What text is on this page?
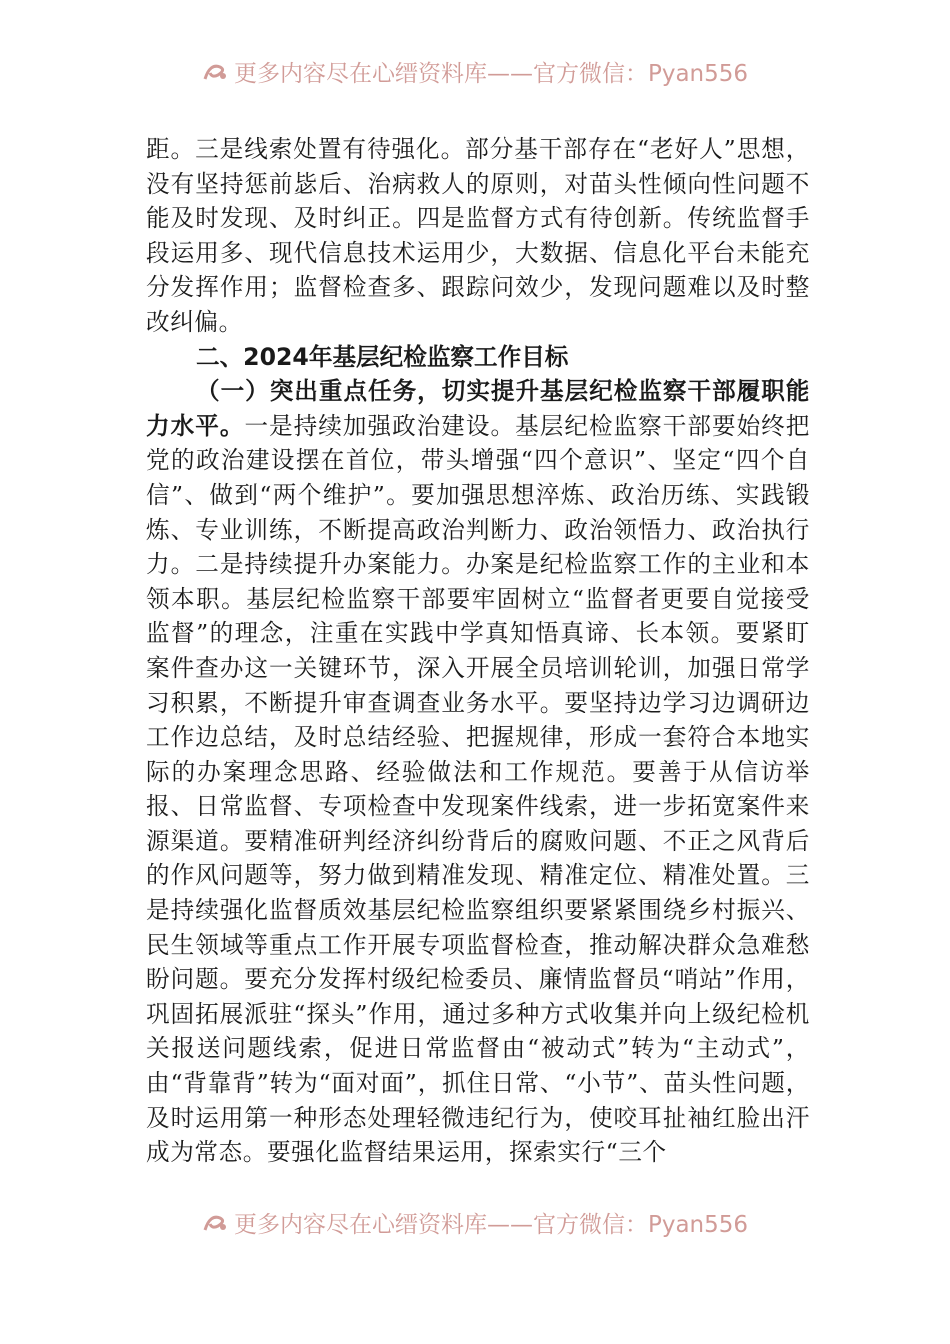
更多内容尽在心缙资料库——官方微信：Pyan556

距。三是线索处置有待强化。部分基干部存在“老好人”思想，没有坚持惩前毖后、治病救人的原则，对苗头性倾向性问题不能及时发现、及时纠正。四是监督方式有待创新。传统监督手段运用多、现代信息技术运用少，大数据、信息化平台未能充分发挥作用；监督检查多、跟踪问效少，发现问题难以及时整改纠偏。

二、2024年基层纪检监察工作目标

（一）突出重点任务，切实提升基层纪检监察干部履职能力水平。一是持续加强政治建设。基层纪检监察干部要始终把党的政治建设摆在首位，带头增强“四个意识”、坚定“四个自信”、做到“两个维护”。要加强思想淬炼、政治历练、实践锻炼、专业训练，不断提高政治判断力、政治领悟力、政治执行力。二是持续提升办案能力。办案是纪检监察工作的主业和本领本职。基层纪检监察干部要牢固树立“监督者更要自觉接受监督”的理念，注重在实践中学真知悟真谛、长本领。要紧盯案件查办这一关键环节，深入开展全员培训轮训，加强日常学习积累，不断提升审查调查业务水平。要坚持边学习边调研边工作边总结，及时总结经验、把握规律，形成一套符合本地实际的办案理念思路、经验做法和工作规范。要善于从信访举报、日常监督、专项检查中发现案件线索，进一步拓宽案件来源渠道。要精准研判经济纠纷背后的腐败问题、不正之风背后的作风问题等，努力做到精准发现、精准定位、精准处置。三是持续强化监督质效基层纪检监察组织要紧紧围绕乡村振兴、民生领域等重点工作开展专项监督检查，推动解决群众急难愁盼问题。要充分发挥村级纪检委员、廉情监督员“哨站”作用，巩固拓展派驻“探头”作用，通过多种方式收集并向上级纪检机关报送问题线索，促进日常监督由“被动式”转为“主动式”，由“背靠背”转为“面对面”，抓住日常、“小节”、苗头性问题，及时运用第一种形态处理轻微违纪行为，使咬耳扯袖红脸出汗成为常态。要强化监督结果运用，探索实行“三个

更多内容尽在心缙资料库——官方微信：Pyan556
